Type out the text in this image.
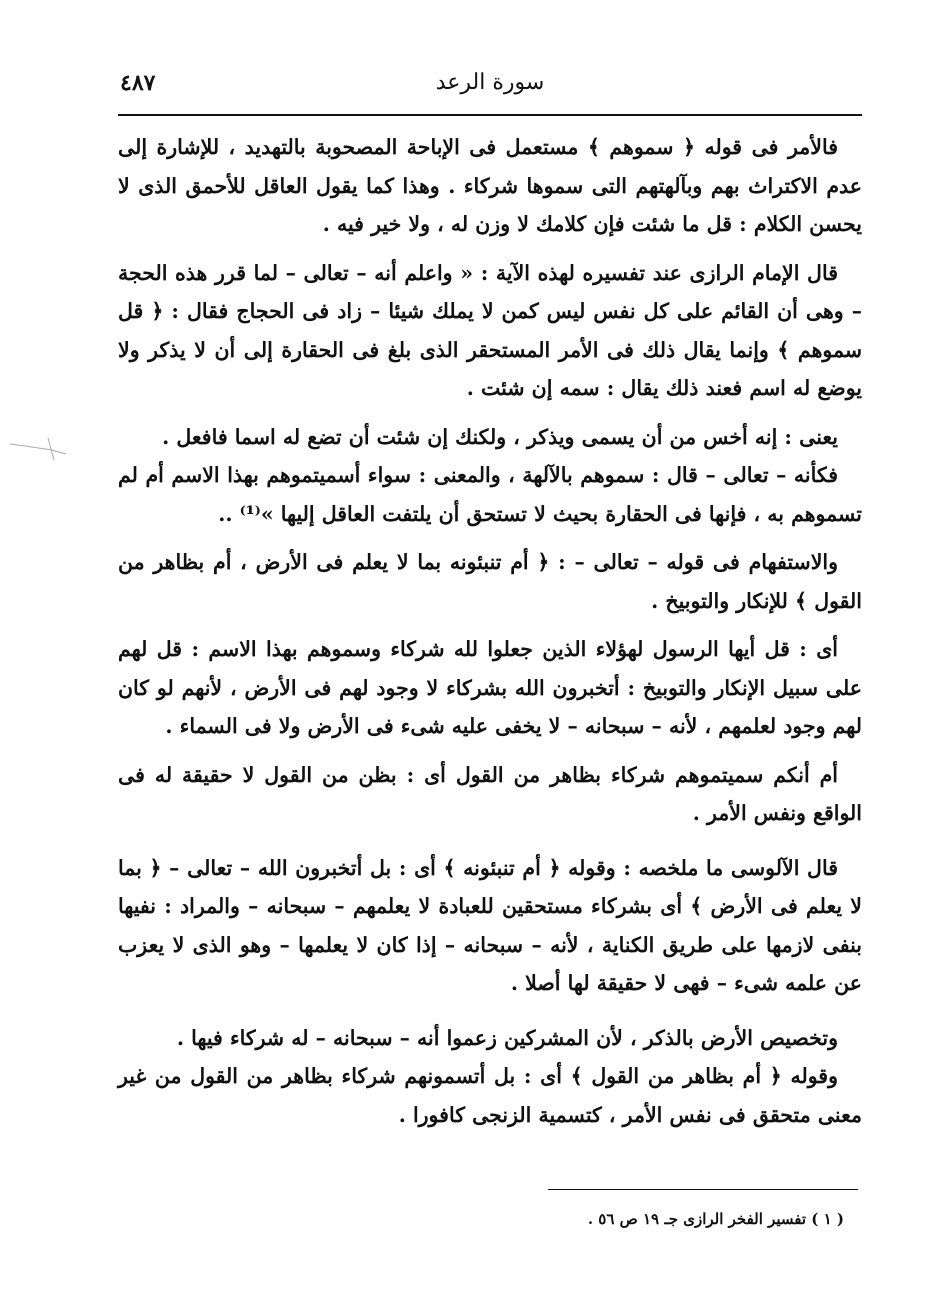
٤٨٧	سورة الرعد

فالأمر فى قوله ﴿ سموهم ﴾ مستعمل فى الإباحة المصحوبة بالتهديد ، للإشارة إلى عدم الاكتراث بهم وبآلهتهم التى سموها شركاء . وهذا كما يقول العاقل للأحمق الذى لا يحسن الكلام : قل ما شئت فإن كلامك لا وزن له ، ولا خير فيه .

قال الإمام الرازى عند تفسيره لهذه الآية : « واعلم أنه – تعالى – لما قرر هذه الحجة – وهى أن القائم على كل نفس ليس كمن لا يملك شيئا – زاد فى الحجاج فقال : ﴿ قل سموهم ﴾ وإنما يقال ذلك فى الأمر المستحقر الذى بلغ فى الحقارة إلى أن لا يذكر ولا يوضع له اسم فعند ذلك يقال : سمه إن شئت .

يعنى : إنه أخس من أن يسمى ويذكر ، ولكنك إن شئت أن تضع له اسما فافعل .

فكأنه – تعالى – قال : سموهم بالآلهة ، والمعنى : سواء أسميتموهم بهذا الاسم أم لم تسموهم به ، فإنها فى الحقارة بحيث لا تستحق أن يلتفت العاقل إليها »⁽¹⁾ ..

والاستفهام فى قوله – تعالى – : ﴿ أم تنبئونه بما لا يعلم فى الأرض ، أم بظاهر من القول ﴾ للإنكار والتوبيخ .

أى : قل أيها الرسول لهؤلاء الذين جعلوا لله شركاء وسموهم بهذا الاسم : قل لهم على سبيل الإنكار والتوبيخ : أتخبرون الله بشركاء لا وجود لهم فى الأرض ، لأنهم لو كان لهم وجود لعلمهم ، لأنه – سبحانه – لا يخفى عليه شىء فى الأرض ولا فى السماء .

أم أنكم سميتموهم شركاء بظاهر من القول أى : بظن من القول لا حقيقة له فى الواقع ونفس الأمر .

قال الآلوسى ما ملخصه : وقوله ﴿ أم تنبئونه ﴾ أى : بل أتخبرون الله – تعالى – ﴿ بما لا يعلم فى الأرض ﴾ أى بشركاء مستحقين للعبادة لا يعلمهم – سبحانه – والمراد : نفيها بنفى لازمها على طريق الكناية ، لأنه – سبحانه – إذا كان لا يعلمها – وهو الذى لا يعزب عن علمه شىء – فهى لا حقيقة لها أصلا .

وتخصيص الأرض بالذكر ، لأن المشركين زعموا أنه – سبحانه – له شركاء فيها .

وقوله ﴿ أم بظاهر من القول ﴾ أى : بل أتسمونهم شركاء بظاهر من القول من غير معنى متحقق فى نفس الأمر ، كتسمية الزنجى كافورا .

( ١ ) تفسير الفخر الرازى جـ ١٩ ص ٥٦ .
